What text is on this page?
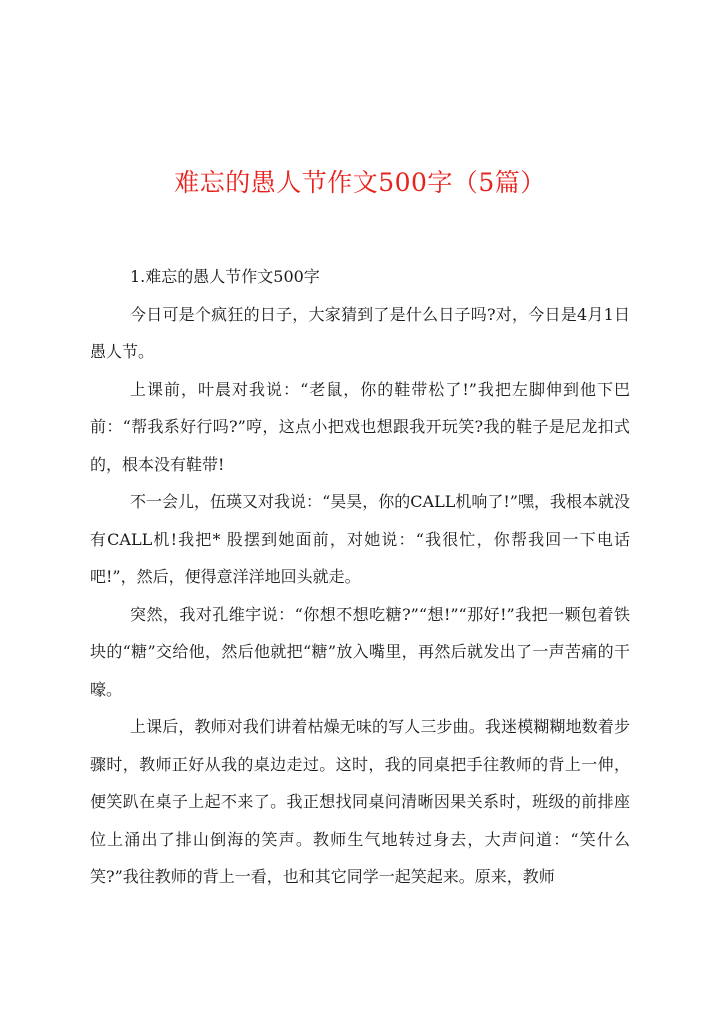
难忘的愚人节作文500字（5篇）

1.难忘的愚人节作文500字

今日可是个疯狂的日子，大家猜到了是什么日子吗?对，今日是4月1日愚人节。

上课前，叶晨对我说：“老鼠，你的鞋带松了!”我把左脚伸到他下巴前：“帮我系好行吗?”哼，这点小把戏也想跟我开玩笑?我的鞋子是尼龙扣式的，根本没有鞋带!

不一会儿，伍瑛又对我说：“昊昊，你的CALL机响了!”嘿，我根本就没有CALL机!我把* 股摆到她面前，对她说：“我很忙，你帮我回一下电话吧!”，然后，便得意洋洋地回头就走。

突然，我对孔维宇说：“你想不想吃糖?”“想!”“那好!”我把一颗包着铁块的“糖”交给他，然后他就把“糖”放入嘴里，再然后就发出了一声苦痛的干嚎。

上课后，教师对我们讲着枯燥无味的写人三步曲。我迷模糊糊地数着步骤时，教师正好从我的桌边走过。这时，我的同桌把手往教师的背上一伸，便笑趴在桌子上起不来了。我正想找同桌问清晰因果关系时，班级的前排座位上涌出了排山倒海的笑声。教师生气地转过身去，大声问道：“笑什么笑?”我往教师的背上一看，也和其它同学一起笑起来。原来，教师
